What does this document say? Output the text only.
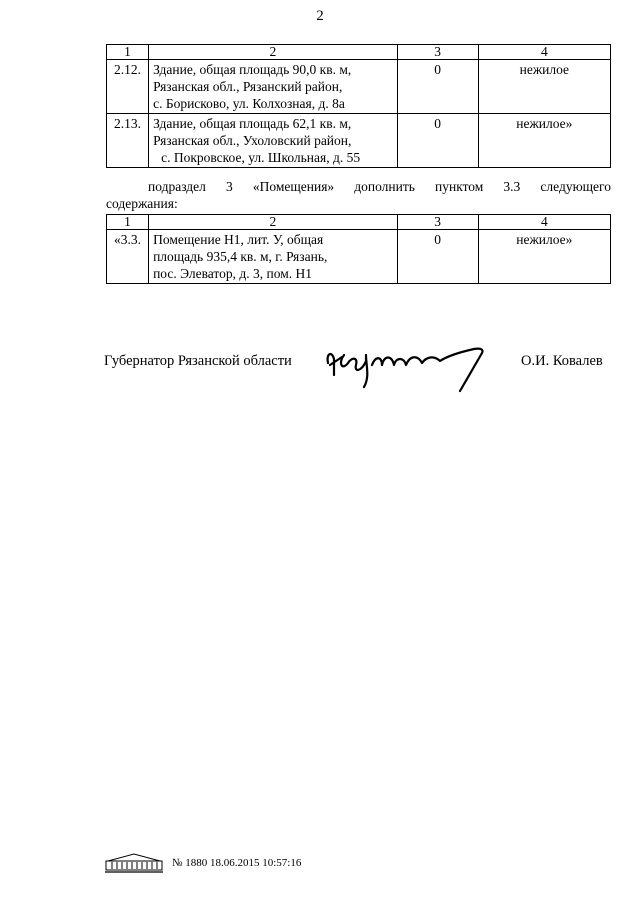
2
1	2	3	4
2.12.	Здание, общая площадь 90,0 кв. м,
Рязанская обл., Рязанский район,
с. Борисково, ул. Колхозная, д. 8а	0	нежилое
2.13.	Здание, общая площадь 62,1 кв. м,
Рязанская обл., Ухоловский район,
с. Покровское, ул. Школьная, д. 55	0	нежилое»
подраздел 3 «Помещения» дополнить пунктом 3.3 следующего
содержания:
1	2	3	4
«3.3.	Помещение Н1, лит. У, общая
площадь 935,4 кв. м, г. Рязань,
пос. Элеватор, д. 3, пом. Н1	0	нежилое»
Губернатор Рязанской области	О.И. Ковалев
№ 1880 18.06.2015 10:57:16
